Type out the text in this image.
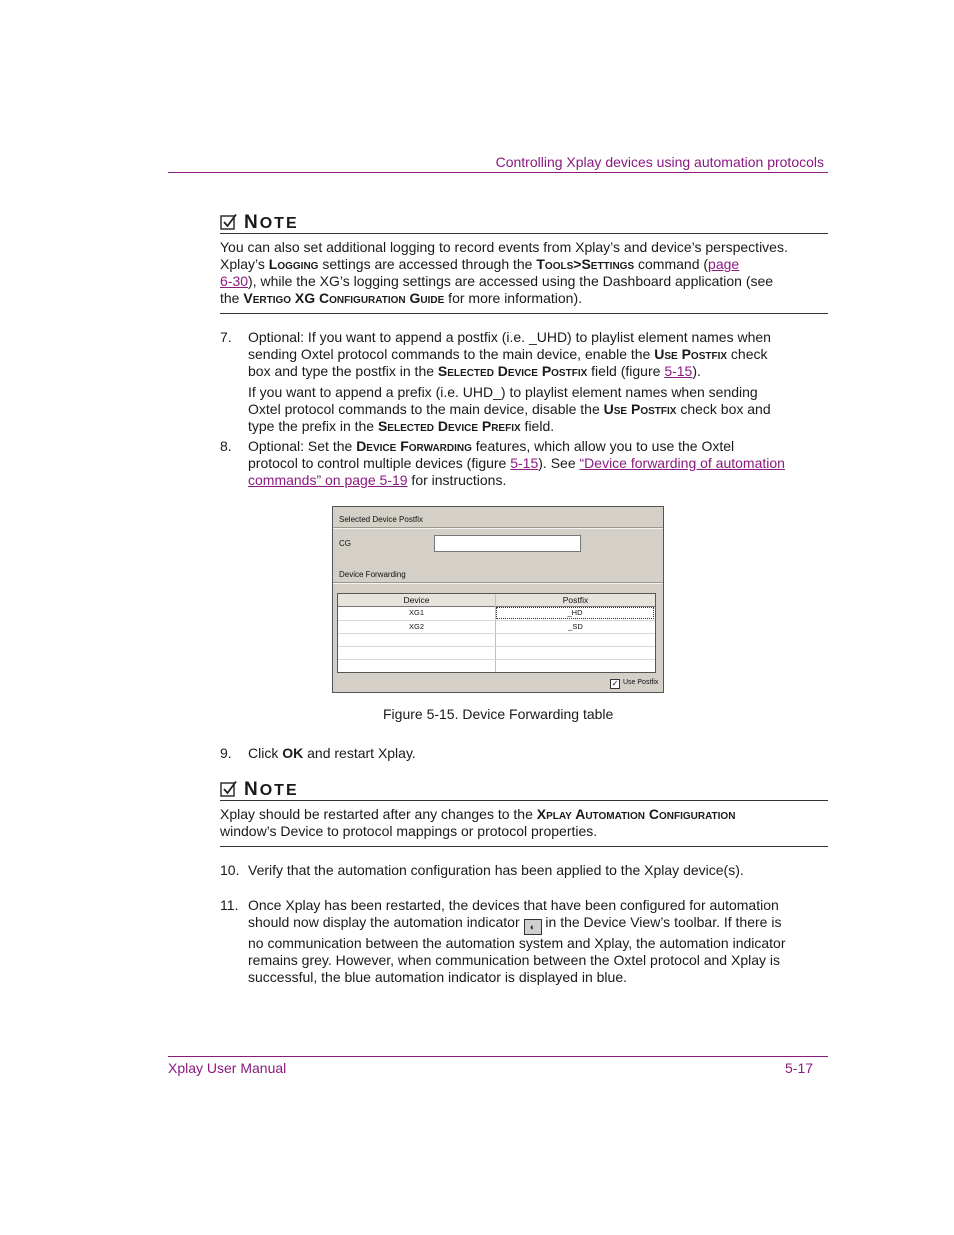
Controlling Xplay devices using automation protocols
NOTE
You can also set additional logging to record events from Xplay’s and device’s perspectives.
Xplay’s Logging settings are accessed through the Tools>Settings command (page
6-30), while the XG’s logging settings are accessed using the Dashboard application (see
the Vertigo XG Configuration Guide for more information).
7. Optional: If you want to append a postfix (i.e. _UHD) to playlist element names when
sending Oxtel protocol commands to the main device, enable the Use Postfix check
box and type the postfix in the Selected Device Postfix field (figure 5-15).
If you want to append a prefix (i.e. UHD_) to playlist element names when sending
Oxtel protocol commands to the main device, disable the Use Postfix check box and
type the prefix in the Selected Device Prefix field.
8. Optional: Set the Device Forwarding features, which allow you to use the Oxtel
protocol to control multiple devices (figure 5-15). See “Device forwarding of automation
commands” on page 5-19 for instructions.
Selected Device Postfix
CG
Device Forwarding
Device	Postfix
XG1	_HD
XG2	_SD
✓ Use Postfix
Figure 5-15. Device Forwarding table
9. Click OK and restart Xplay.
NOTE
Xplay should be restarted after any changes to the Xplay Automation Configuration
window’s Device to protocol mappings or protocol properties.
10. Verify that the automation configuration has been applied to the Xplay device(s).
11. Once Xplay has been restarted, the devices that have been configured for automation
should now display the automation indicator ◐ in the Device View’s toolbar. If there is
no communication between the automation system and Xplay, the automation indicator
remains grey. However, when communication between the Oxtel protocol and Xplay is
successful, the blue automation indicator is displayed in blue.
Xplay User Manual	5-17
